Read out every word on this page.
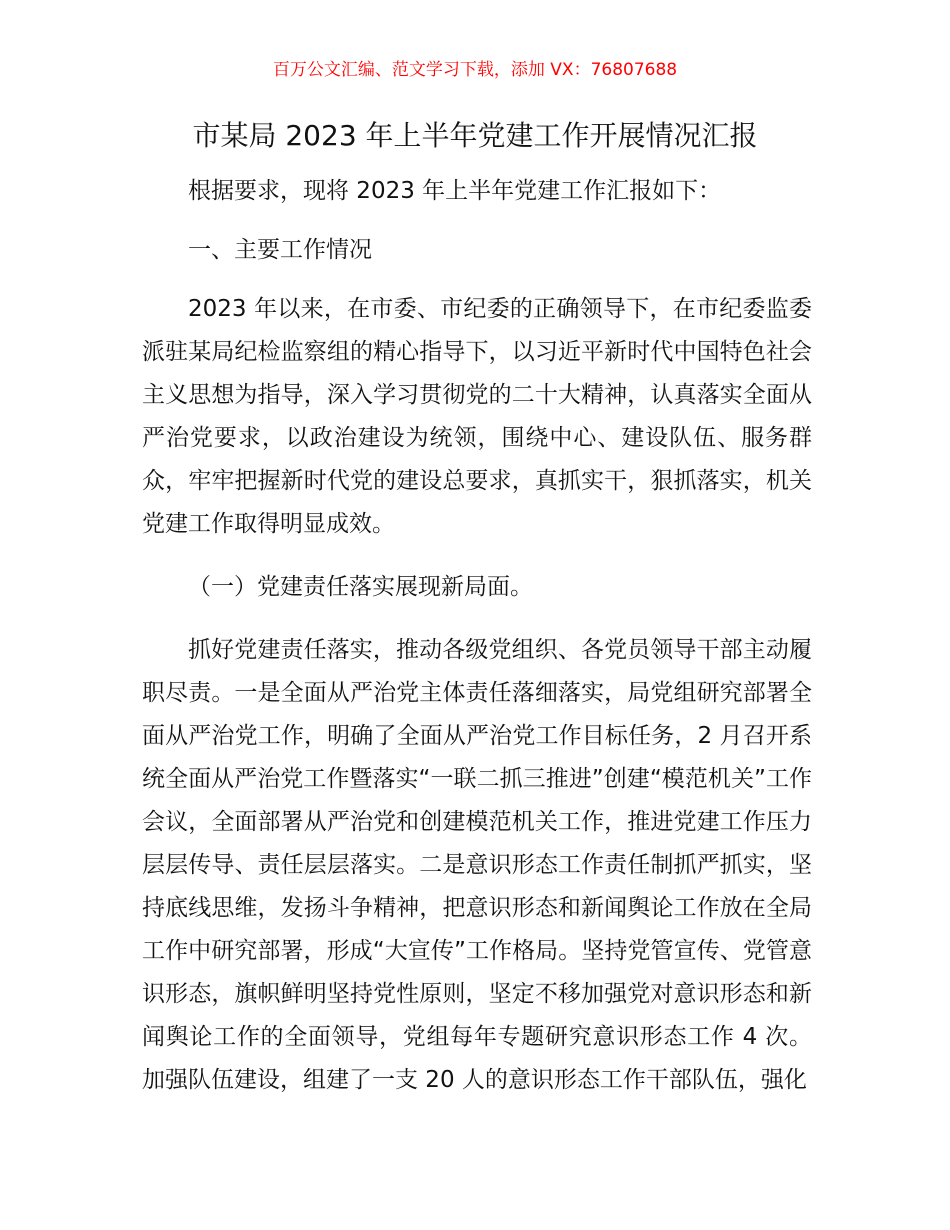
百万公文汇编、范文学习下载，添加 VX：76807688
市某局 2023 年上半年党建工作开展情况汇报

根据要求，现将 2023 年上半年党建工作汇报如下：

一、主要工作情况

2023 年以来，在市委、市纪委的正确领导下，在市纪委监委派驻某局纪检监察组的精心指导下，以习近平新时代中国特色社会主义思想为指导，深入学习贯彻党的二十大精神，认真落实全面从严治党要求，以政治建设为统领，围绕中心、建设队伍、服务群众，牢牢把握新时代党的建设总要求，真抓实干，狠抓落实，机关党建工作取得明显成效。

（一）党建责任落实展现新局面。

抓好党建责任落实，推动各级党组织、各党员领导干部主动履职尽责。一是全面从严治党主体责任落细落实，局党组研究部署全面从严治党工作，明确了全面从严治党工作目标任务，2 月召开系统全面从严治党工作暨落实“一联二抓三推进”创建“模范机关”工作会议，全面部署从严治党和创建模范机关工作，推进党建工作压力层层传导、责任层层落实。二是意识形态工作责任制抓严抓实，坚持底线思维，发扬斗争精神，把意识形态和新闻舆论工作放在全局工作中研究部署，形成“大宣传”工作格局。坚持党管宣传、党管意识形态，旗帜鲜明坚持党性原则，坚定不移加强党对意识形态和新闻舆论工作的全面领导，党组每年专题研究意识形态工作 4 次。加强队伍建设，组建了一支 20 人的意识形态工作干部队伍，强化
